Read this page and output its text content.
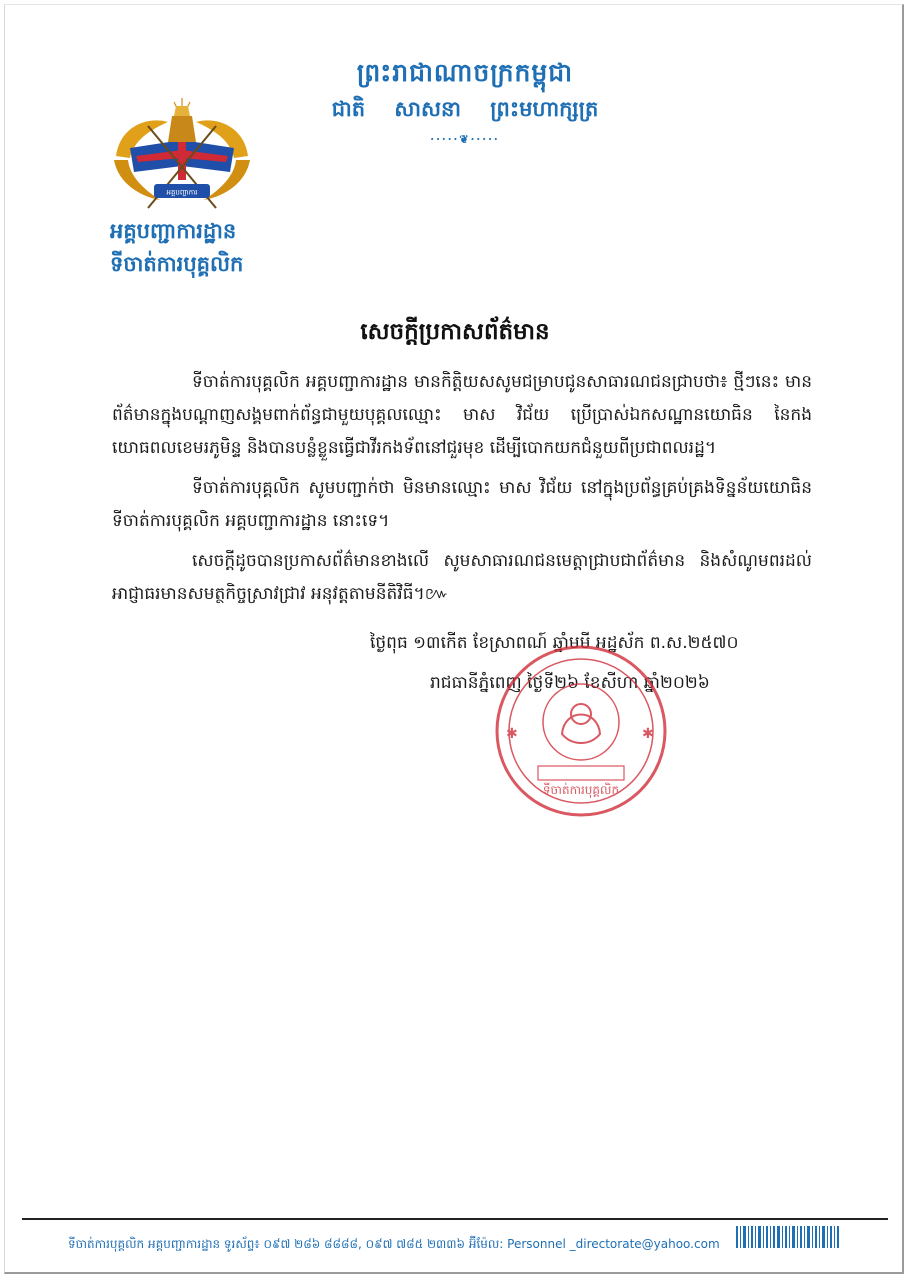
ព្រះរាជាណាចក្រកម្ពុជា
ជាតិ សាសនា ព្រះមហាក្សត្រ
·····❦·····
អគ្គបញ្ជាការ
អគ្គបញ្ជាការដ្ឋាន
ទីចាត់ការបុគ្គលិក
សេចក្តីប្រកាសព័ត៌មាន
ទីចាត់ការបុគ្គលិក អគ្គបញ្ជាការដ្ឋាន មានកិត្តិយសសូមជម្រាបជូនសាធារណជនជ្រាបថា៖ ថ្មីៗនេះ មានព័ត៌មានក្នុងបណ្តាញសង្គមពាក់ព័ន្ធជាមួយបុគ្គលឈ្មោះ មាស វិជ័យ ប្រើប្រាស់ឯកសណ្ឋានយោធិន នៃកងយោធពលខេមរភូមិន្ទ និងបានបន្លំខ្លួនធ្វើជាវីរកងទ័ពនៅជួរមុខ ដើម្បីបោកយកជំនួយពីប្រជាពលរដ្ឋ។
ទីចាត់ការបុគ្គលិក សូមបញ្ជាក់ថា មិនមានឈ្មោះ មាស វិជ័យ នៅក្នុងប្រព័ន្ធគ្រប់គ្រងទិន្នន័យយោធិន ទីចាត់ការបុគ្គលិក អគ្គបញ្ជាការដ្ឋាន នោះទេ។
សេចក្តីដូចបានប្រកាសព័ត៌មានខាងលើ សូមសាធារណជនមេត្តាជ្រាបជាព័ត៌មាន និងសំណូមពរដល់ អាជ្ញាធរមានសមត្ថកិច្ចស្រាវជ្រាវ អនុវត្តតាមនីតិវិធី។៚
ថ្ងៃពុធ ១៣កើត ខែស្រាពណ៍ ឆ្នាំមមី អដ្ឋស័ក ព.ស.២៥៧០
រាជធានីភ្នំពេញ ថ្ងៃទី២៦ ខែសីហា ឆ្នាំ២០២៦
✱	✱
ទីចាត់ការបុគ្គលិក
ទីចាត់ការបុគ្គលិក អគ្គបញ្ជាការដ្ឋាន ទូរស័ព្ទ៖ ០៩៧ ២៨៦ ៨៨៨៨, ០៩៧ ៧៨៥ ២៣៣៦ អ៊ីម៉ែល: Personnel _directorate@yahoo.com
